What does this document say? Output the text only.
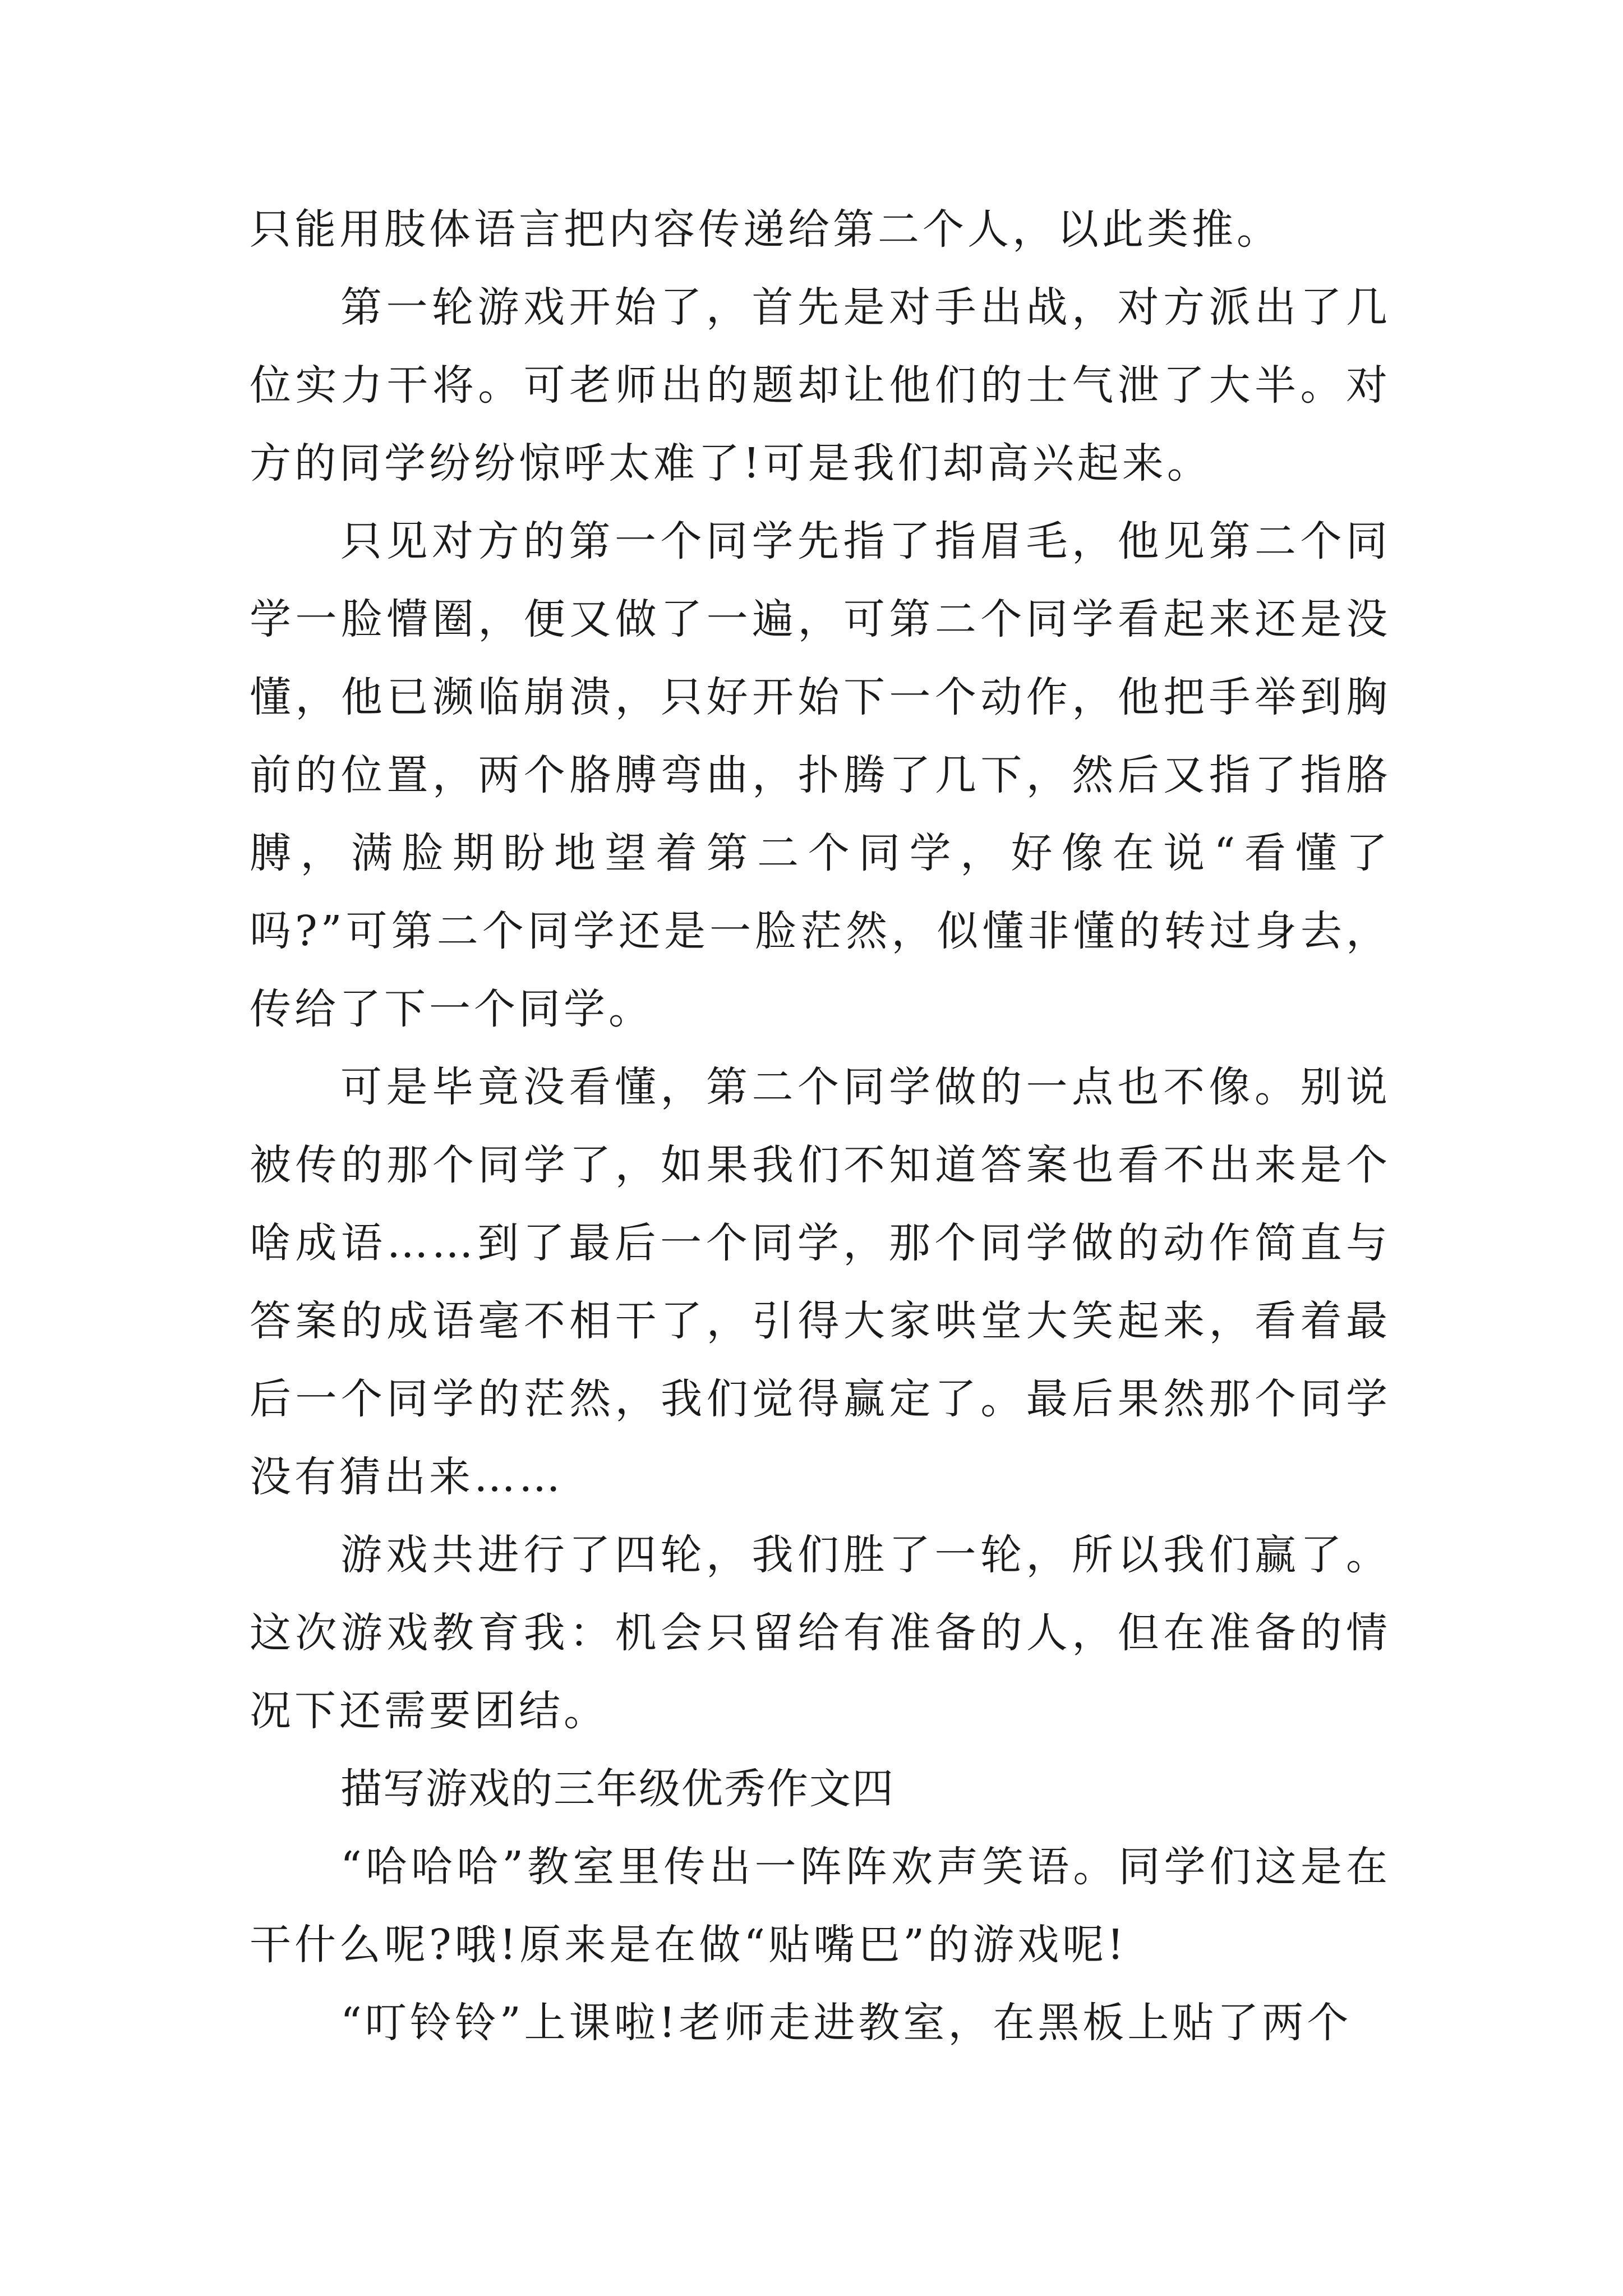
只能用肢体语言把内容传递给第二个人，以此类推。

第一轮游戏开始了，首先是对手出战，对方派出了几位实力干将。可老师出的题却让他们的士气泄了大半。对方的同学纷纷惊呼太难了!可是我们却高兴起来。

只见对方的第一个同学先指了指眉毛，他见第二个同学一脸懵圈，便又做了一遍，可第二个同学看起来还是没懂，他已濒临崩溃，只好开始下一个动作，他把手举到胸前的位置，两个胳膊弯曲，扑腾了几下，然后又指了指胳膊，满脸期盼地望着第二个同学，好像在说“看懂了吗?”可第二个同学还是一脸茫然，似懂非懂的转过身去，传给了下一个同学。

可是毕竟没看懂，第二个同学做的一点也不像。别说被传的那个同学了，如果我们不知道答案也看不出来是个啥成语……到了最后一个同学，那个同学做的动作简直与答案的成语毫不相干了，引得大家哄堂大笑起来，看着最后一个同学的茫然，我们觉得赢定了。最后果然那个同学没有猜出来……

游戏共进行了四轮，我们胜了一轮，所以我们赢了。这次游戏教育我：机会只留给有准备的人，但在准备的情况下还需要团结。

描写游戏的三年级优秀作文四

“哈哈哈”教室里传出一阵阵欢声笑语。同学们这是在干什么呢?哦!原来是在做“贴嘴巴”的游戏呢!

“叮铃铃”上课啦!老师走进教室，在黑板上贴了两个
